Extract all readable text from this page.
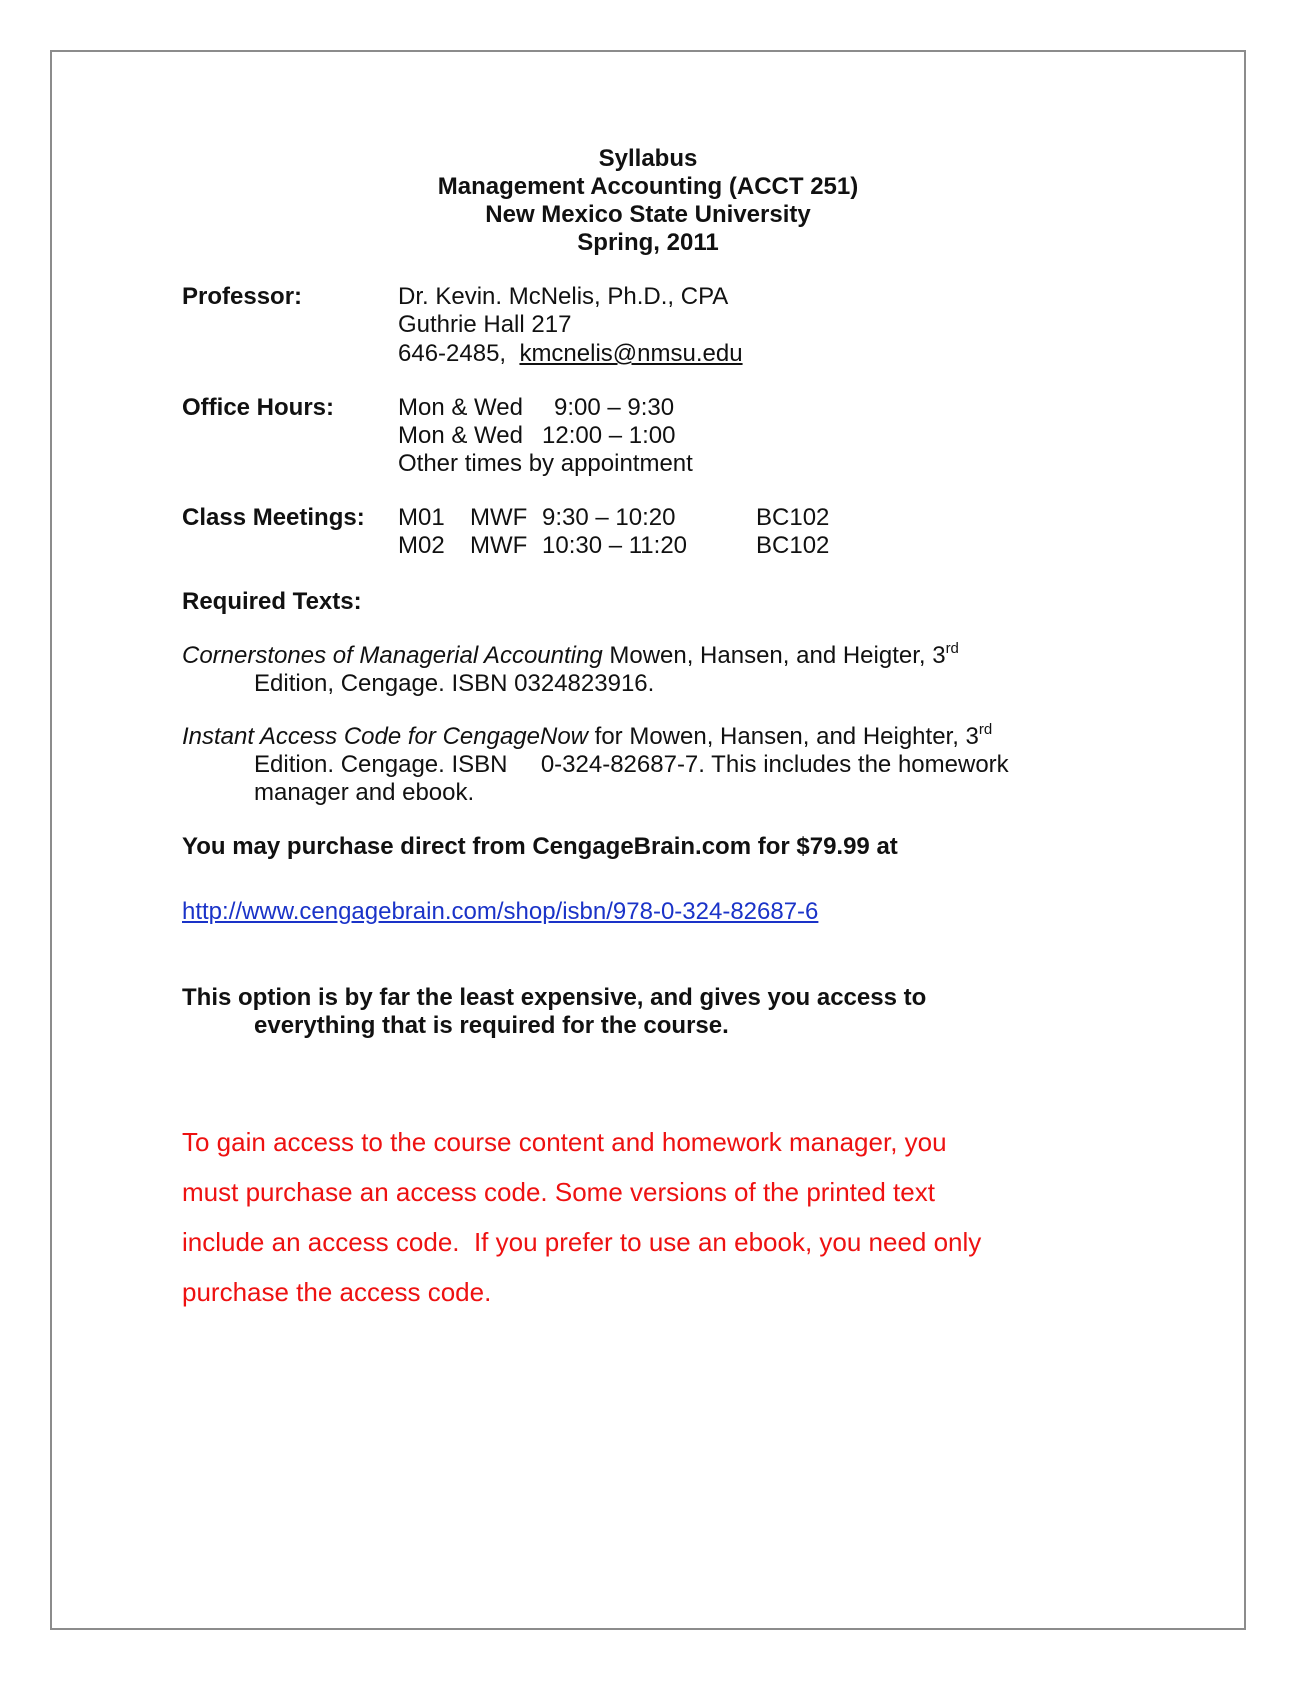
Syllabus
Management Accounting (ACCT 251)
New Mexico State University
Spring, 2011
Professor:	Dr. Kevin. McNelis, Ph.D., CPA
Guthrie Hall 217
646-2485, kmcnelis@nmsu.edu
Office Hours:	Mon & Wed 9:00 – 9:30
Mon & Wed 12:00 – 1:00
Other times by appointment
Class Meetings: M01 MWF 9:30 – 10:20	BC102
M02 MWF 10:30 – 11:20	BC102
Required Texts:
Cornerstones of Managerial Accounting Mowen, Hansen, and Heigter, 3rd
Edition, Cengage. ISBN 0324823916.
Instant Access Code for CengageNow for Mowen, Hansen, and Heighter, 3rd
Edition. Cengage. ISBN     0-324-82687-7. This includes the homework
manager and ebook.
You may purchase direct from CengageBrain.com for $79.99 at
http://www.cengagebrain.com/shop/isbn/978-0-324-82687-6
This option is by far the least expensive, and gives you access to
everything that is required for the course.
To gain access to the course content and homework manager, you
must purchase an access code. Some versions of the printed text
include an access code.  If you prefer to use an ebook, you need only
purchase the access code.
